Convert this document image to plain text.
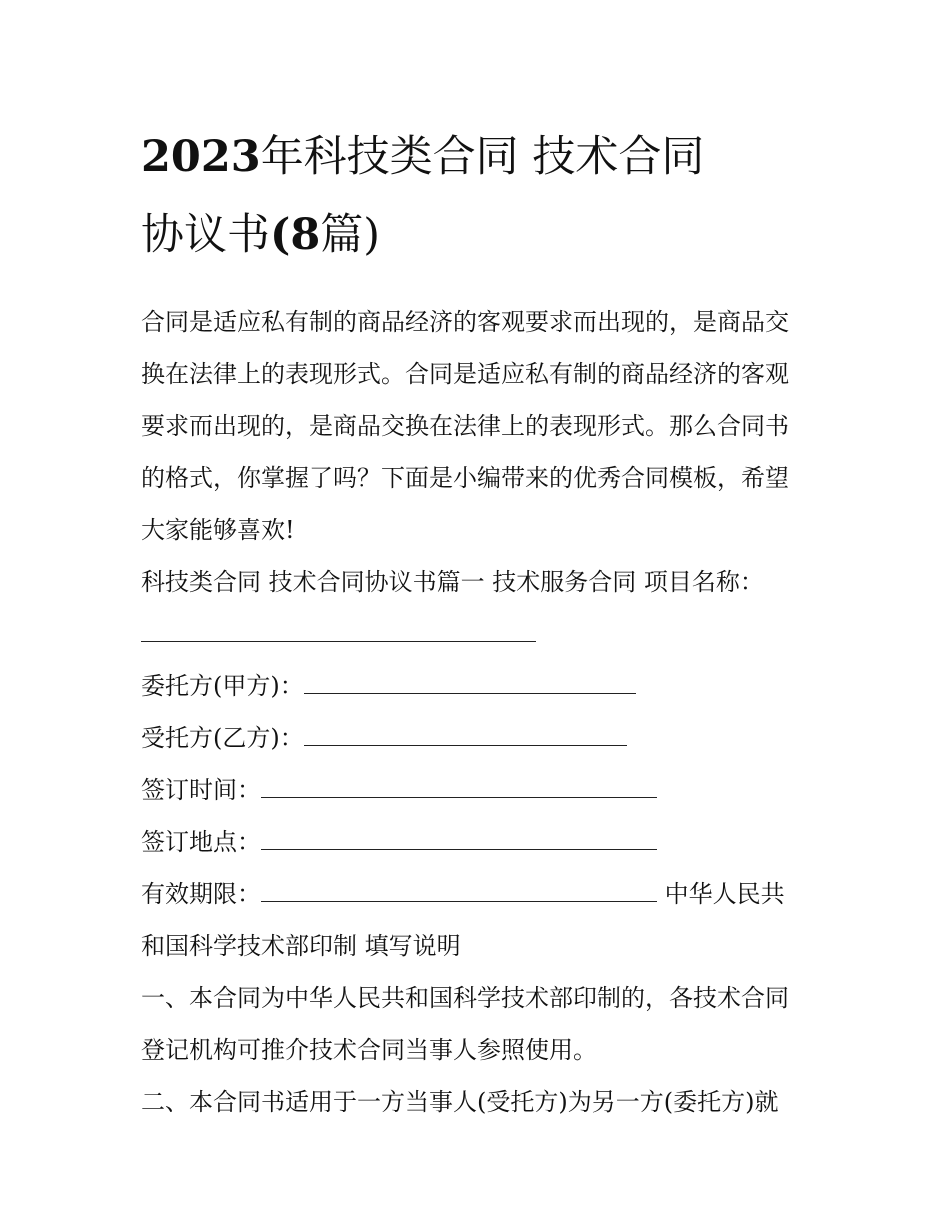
2023年科技类合同 技术合同
协议书(8篇)

合同是适应私有制的商品经济的客观要求而出现的，是商品交
换在法律上的表现形式。合同是适应私有制的商品经济的客观
要求而出现的，是商品交换在法律上的表现形式。那么合同书
的格式，你掌握了吗？下面是小编带来的优秀合同模板，希望
大家能够喜欢!

科技类合同 技术合同协议书篇一 技术服务合同 项目名称：

委托方(甲方)：

受托方(乙方)：

签订时间：

签订地点：

有效期限：	中华人民共

和国科学技术部印制 填写说明

一、本合同为中华人民共和国科学技术部印制的，各技术合同
登记机构可推介技术合同当事人参照使用。
二、本合同书适用于一方当事人(受托方)为另一方(委托方)就
